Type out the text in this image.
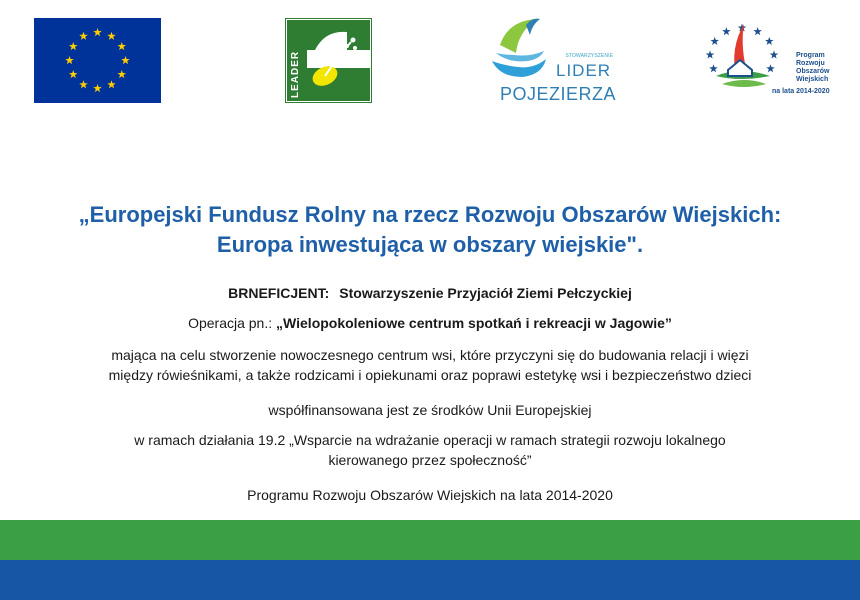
LEADER	STOWARZYSZENIE
LIDER
POJEZIERZA
Program
Rozwoju
Obszarów
Wiejskich
na lata 2014-2020
„Europejski Fundusz Rolny na rzecz Rozwoju Obszarów Wiejskich:
Europa inwestująca w obszary wiejskie".
BRNEFICJENT: Stowarzyszenie Przyjaciół Ziemi Pełczyckiej
Operacja pn.: „Wielopokoleniowe centrum spotkań i rekreacji w Jagowie”
mająca na celu stworzenie nowoczesnego centrum wsi, które przyczyni się do budowania relacji i więzi
między rówieśnikami, a także rodzicami i opiekunami oraz poprawi estetykę wsi i bezpieczeństwo dzieci
współfinansowana jest ze środków Unii Europejskiej
w ramach działania 19.2 „Wsparcie na wdrażanie operacji w ramach strategii rozwoju lokalnego
kierowanego przez społeczność”
Programu Rozwoju Obszarów Wiejskich na lata 2014-2020
